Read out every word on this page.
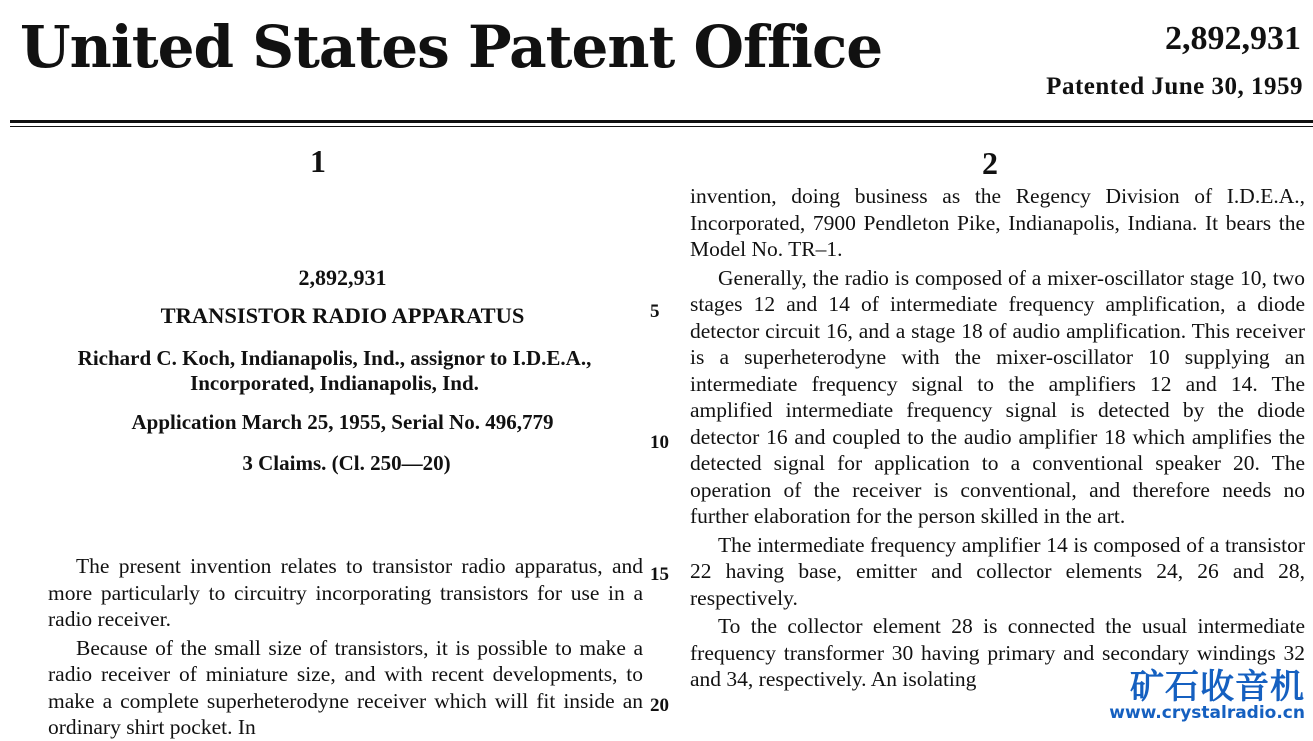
United States Patent Office	2,892,931
Patented June 30, 1959
1
2,892,931
TRANSISTOR RADIO APPARATUS
Richard C. Koch, Indianapolis, Ind., assignor to I.D.E.A.,
Incorporated, Indianapolis, Ind.
Application March 25, 1955, Serial No. 496,779
3 Claims. (Cl. 250—20)

The present invention relates to transistor radio apparatus, and more particularly to circuitry incorporating transistors for use in a radio receiver.

Because of the small size of transistors, it is possible to make a radio receiver of miniature size, and with recent developments, to make a complete superheterodyne receiver which will fit inside an ordinary shirt pocket. In

5
10
15
20
2

invention, doing business as the Regency Division of I.D.E.A., Incorporated, 7900 Pendleton Pike, Indianapolis, Indiana. It bears the Model No. TR–1.

Generally, the radio is composed of a mixer-oscillator stage 10, two stages 12 and 14 of intermediate frequency amplification, a diode detector circuit 16, and a stage 18 of audio amplification. This receiver is a superheterodyne with the mixer-oscillator 10 supplying an intermediate frequency signal to the amplifiers 12 and 14. The amplified intermediate frequency signal is detected by the diode detector 16 and coupled to the audio amplifier 18 which amplifies the detected signal for application to a conventional speaker 20. The operation of the receiver is conventional, and therefore needs no further elaboration for the person skilled in the art.

The intermediate frequency amplifier 14 is composed of a transistor 22 having base, emitter and collector elements 24, 26 and 28, respectively.

To the collector element 28 is connected the usual intermediate frequency transformer 30 having primary and secondary windings 32 and 34, respectively. An isolating	矿石收音机
www.crystalradio.cn
